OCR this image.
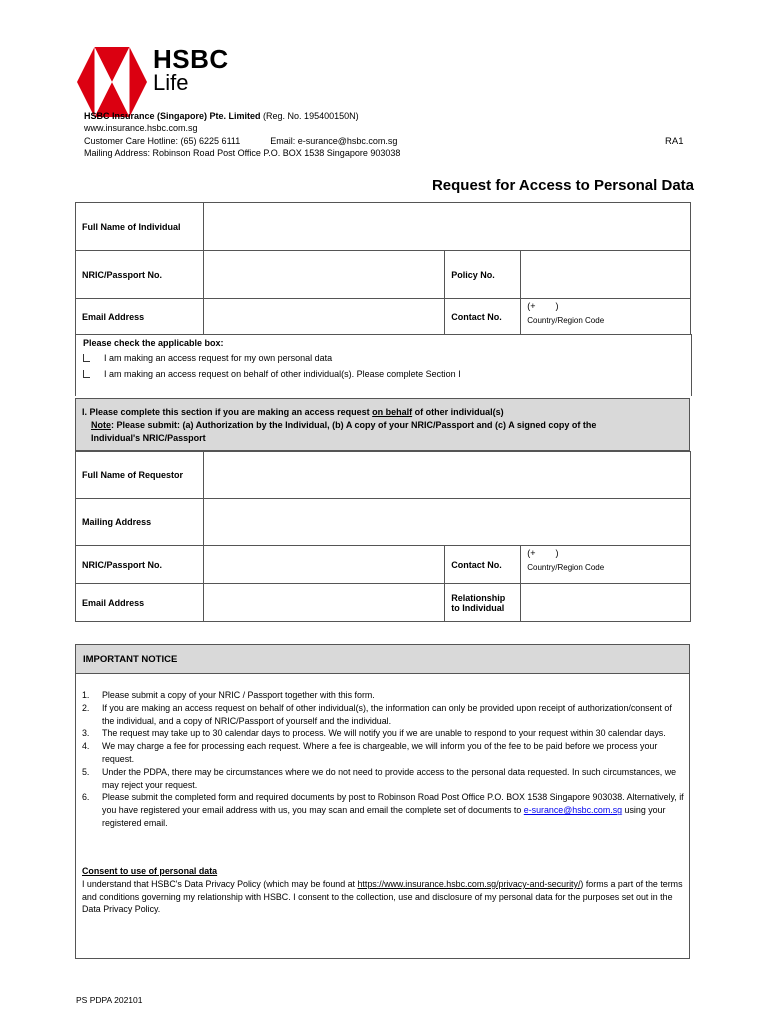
HSBC
Life
HSBC Insurance (Singapore) Pte. Limited (Reg. No. 195400150N)
www.insurance.hsbc.com.sg
Customer Care Hotline: (65) 6225 6111	Email: e-surance@hsbc.com.sg
Mailing Address: Robinson Road Post Office P.O. BOX 1538 Singapore 903038
RA1
Request for Access to Personal Data
Full Name of Individual			
NRIC/Passport No.		Policy No.	
Email Address		Contact No.	(+        )
Country/Region Code
Please check the applicable box:
I am making an access request for my own personal data
I am making an access request on behalf of other individual(s). Please complete Section I
I. Please complete this section if you are making an access request on behalf of other individual(s)
Note: Please submit: (a) Authorization by the Individual, (b) A copy of your NRIC/Passport and (c) A signed copy of the
Individual's NRIC/Passport
Full Name of Requestor			
Mailing Address			
NRIC/Passport No.		Contact No.	(+        )
Country/Region Code

Email Address		Relationship
to Individual	

IMPORTANT NOTICE
1.	Please submit a copy of your NRIC / Passport together with this form.
2.	If you are making an access request on behalf of other individual(s), the information can only be provided upon receipt of authorization/consent of the individual, and a copy of NRIC/Passport of yourself and the individual.
3.	The request may take up to 30 calendar days to process. We will notify you if we are unable to respond to your request within 30 calendar days.
4.	We may charge a fee for processing each request. Where a fee is chargeable, we will inform you of the fee to be paid before we process your request.
5.	Under the PDPA, there may be circumstances where we do not need to provide access to the personal data requested. In such circumstances, we may reject your request.
6.	Please submit the completed form and required documents by post to Robinson Road Post Office P.O. BOX 1538 Singapore 903038. Alternatively, if you have registered your email address with us, you may scan and email the complete set of documents to e-surance@hsbc.com.sg using your registered email.
Consent to use of personal data
I understand that HSBC's Data Privacy Policy (which may be found at https://www.insurance.hsbc.com.sg/privacy-and-security/) forms a part of the terms and conditions governing my relationship with HSBC. I consent to the collection, use and disclosure of my personal data for the purposes set out in the Data Privacy Policy.
PS PDPA 202101
